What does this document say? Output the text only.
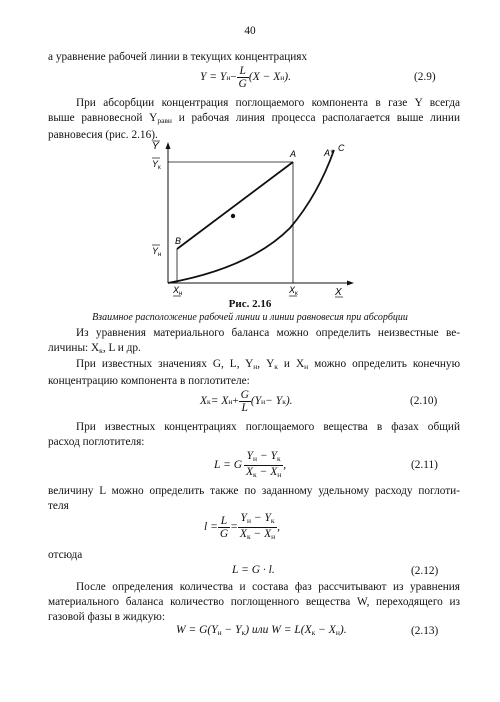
40
а уравнение рабочей линии в текущих концентрациях
Y = Y $н - \frac{L}{G} (X - X$ н ).	(2.9)
При абсорбции концентрация поглощаемого компонента в газе Y всегда
выше равновесной $Y_{равн}$ и рабочая линия процесса располагается выше линии
равновесия (рис. 2.16).
Y
$Y_к$
$Y_н$
B
A	A* C
$X_н$	$X_к$	X
Рис. 2.16
Взаимное расположение рабочей линии и линии равновесия при абсорбции
Из уравнения материального баланса можно определить неизвестные ве-
личины: $X_к$, L и др.
При известных значениях G, L, $Y_н$, $Y_к$ и $X_н$ можно определить конечную
концентрацию компонента в поглотителе:
X к = X $н + \frac{G}{L} (Y$ н − Y к ).	(2.10)
При известных концентрациях поглощаемого вещества в фазах общий
расход поглотителя:
L = G $\frac{Y_н - Y_к}{X_к - X_н}$ ,	(2.11)
величину L можно определить также по заданному удельному расходу поглоти-
теля
$l = \frac{L}{G} = \frac{Y_н - Y_к}{X_к - X_н}$ ,
отсюда
L = G · l.	(2.12)
После определения количества и состава фаз рассчитывают из уравнения
материального баланса количество поглощенного вещества W, переходящего из
газовой фазы в жидкую:
$W = G(Y_н - Y_к)$ или $W = L(X_к - X_н)$.	(2.13)
